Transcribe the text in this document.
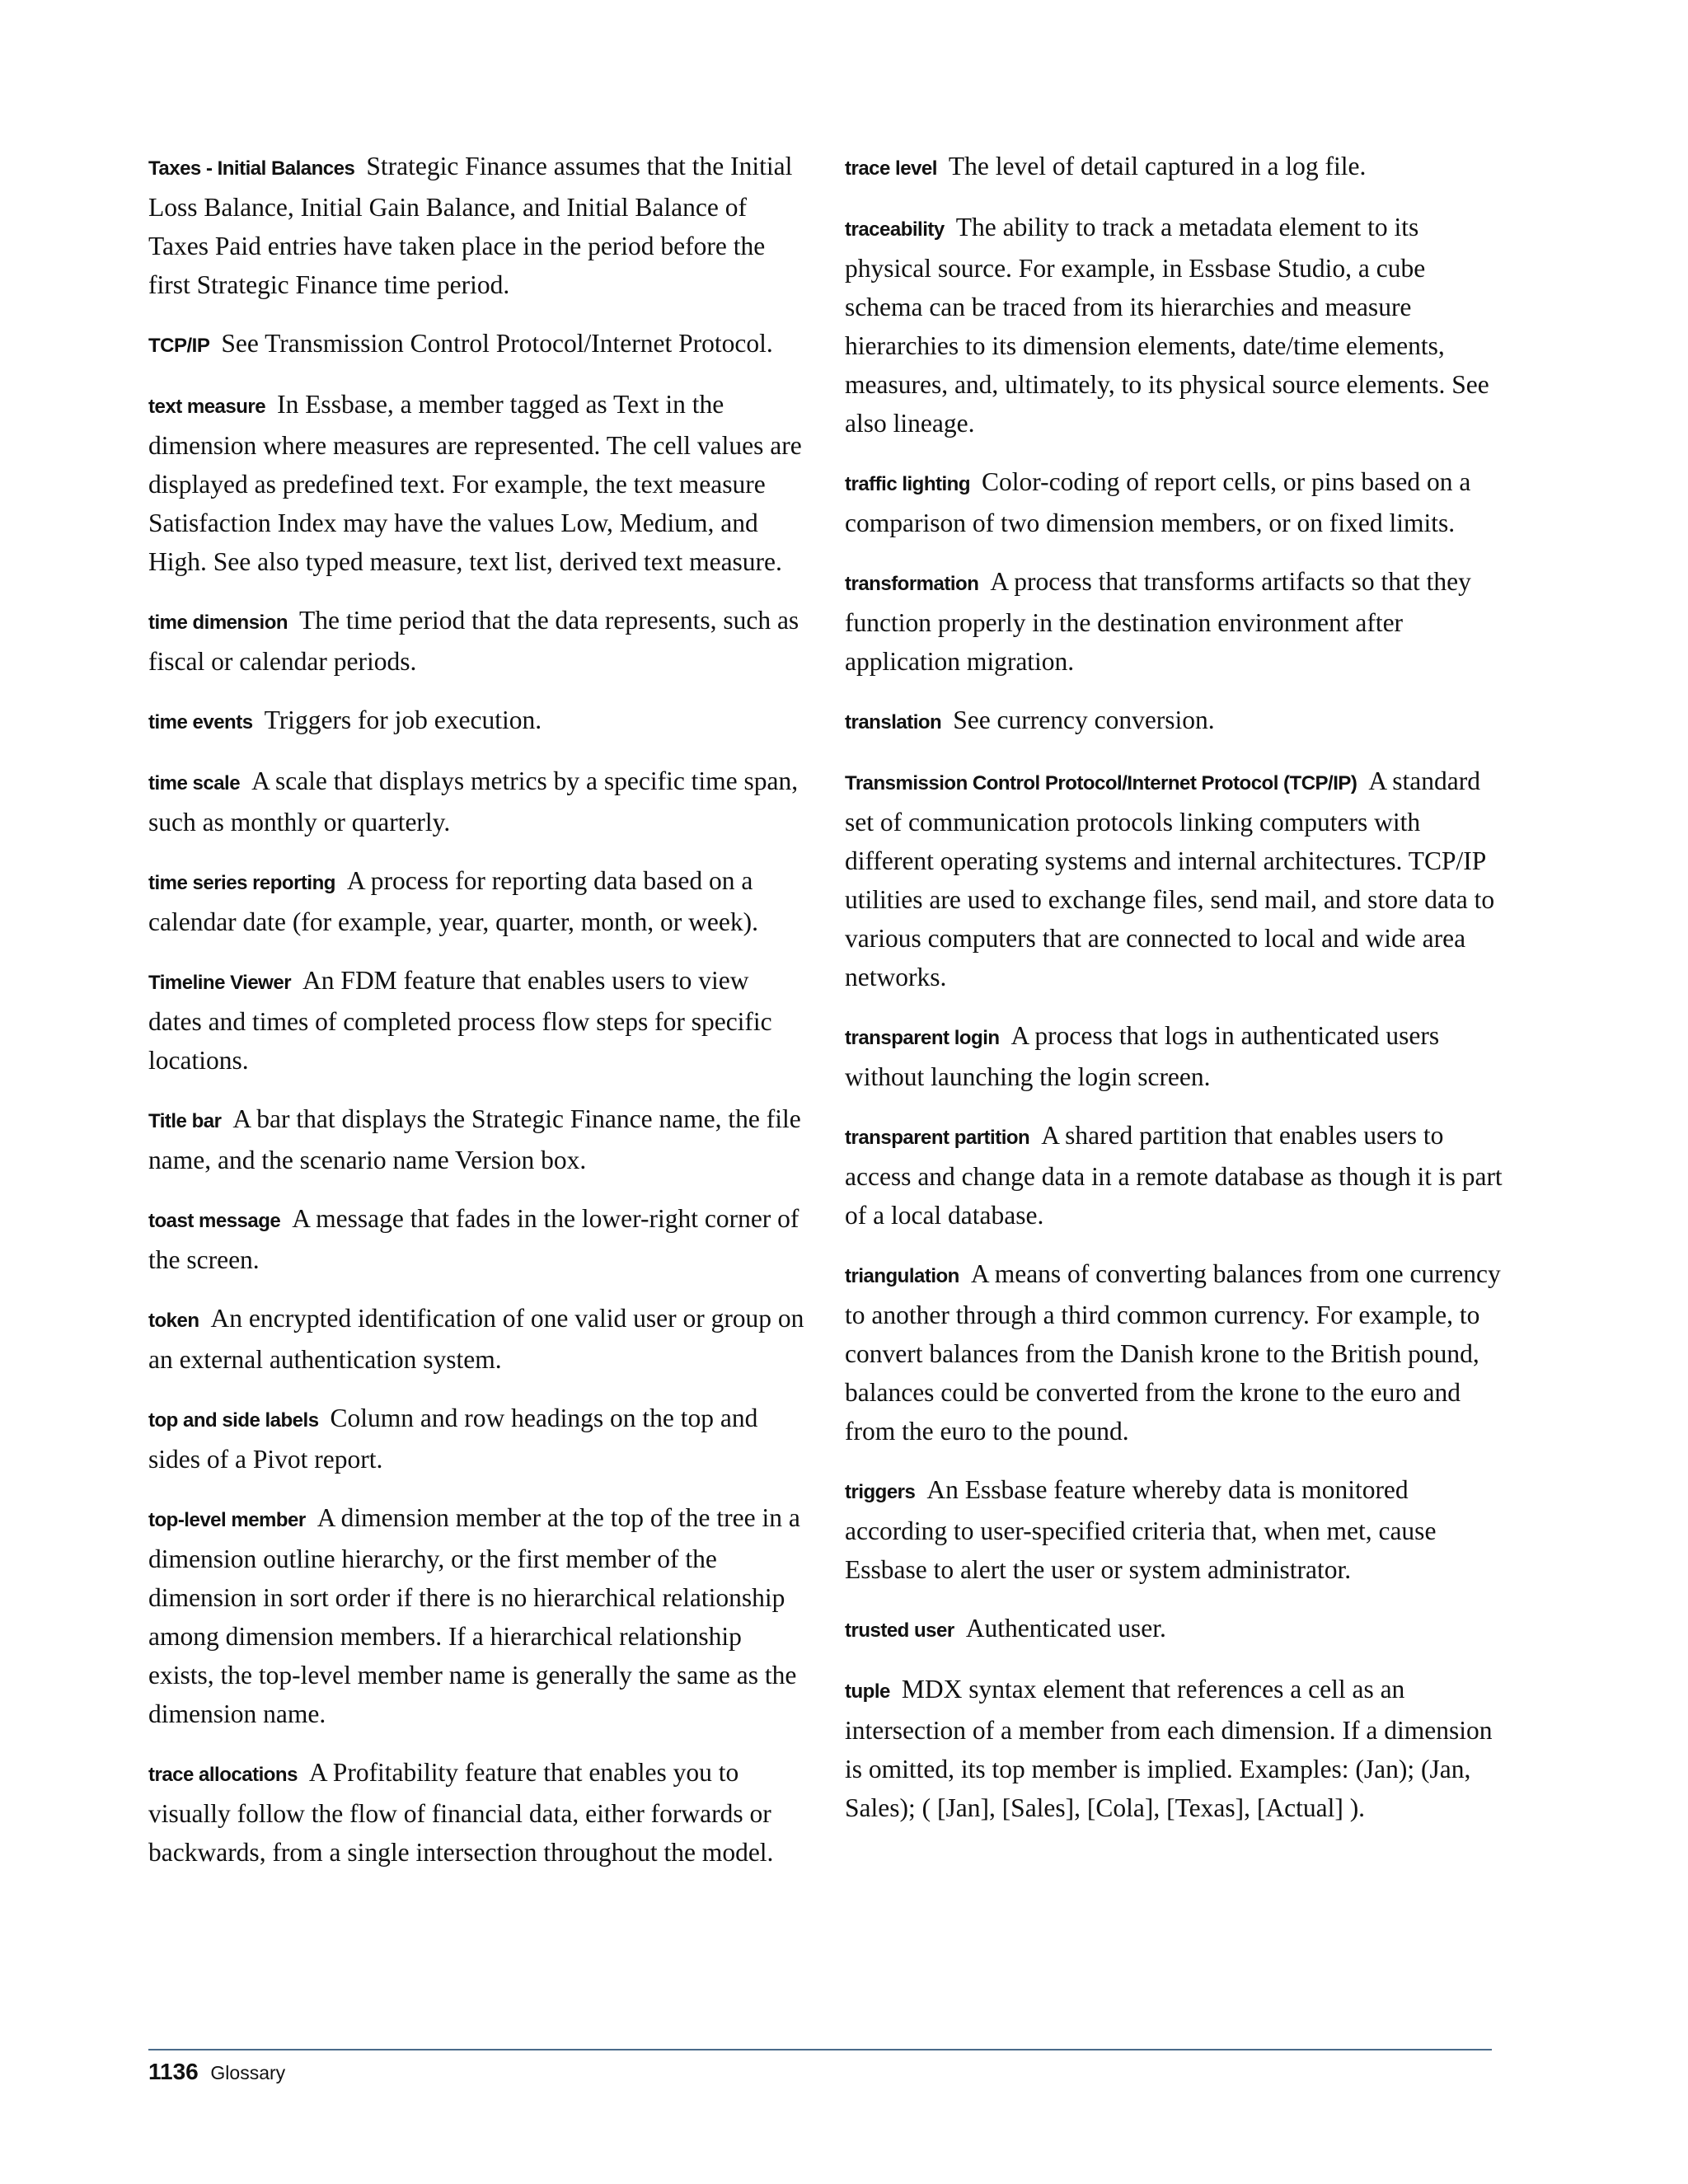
Taxes - Initial Balances Strategic Finance assumes that the Initial Loss Balance, Initial Gain Balance, and Initial Balance of Taxes Paid entries have taken place in the period before the first Strategic Finance time period.

TCP/IP See Transmission Control Protocol/Internet Protocol.

text measure In Essbase, a member tagged as Text in the dimension where measures are represented. The cell values are displayed as predefined text. For example, the text measure Satisfaction Index may have the values Low, Medium, and High. See also typed measure, text list, derived text measure.

time dimension The time period that the data represents, such as fiscal or calendar periods.

time events Triggers for job execution.

time scale A scale that displays metrics by a specific time span, such as monthly or quarterly.

time series reporting A process for reporting data based on a calendar date (for example, year, quarter, month, or week).

Timeline Viewer An FDM feature that enables users to view dates and times of completed process flow steps for specific locations.

Title bar A bar that displays the Strategic Finance name, the file name, and the scenario name Version box.

toast message A message that fades in the lower-right corner of the screen.

token An encrypted identification of one valid user or group on an external authentication system.

top and side labels Column and row headings on the top and sides of a Pivot report.

top-level member A dimension member at the top of the tree in a dimension outline hierarchy, or the first member of the dimension in sort order if there is no hierarchical relationship among dimension members. If a hierarchical relationship exists, the top-level member name is generally the same as the dimension name.

trace allocations A Profitability feature that enables you to visually follow the flow of financial data, either forwards or backwards, from a single intersection throughout the model.

trace level The level of detail captured in a log file.

traceability The ability to track a metadata element to its physical source. For example, in Essbase Studio, a cube schema can be traced from its hierarchies and measure hierarchies to its dimension elements, date/time elements, measures, and, ultimately, to its physical source elements. See also lineage.

traffic lighting Color-coding of report cells, or pins based on a comparison of two dimension members, or on fixed limits.

transformation A process that transforms artifacts so that they function properly in the destination environment after application migration.

translation See currency conversion.

Transmission Control Protocol/Internet Protocol (TCP/IP) A standard set of communication protocols linking computers with different operating systems and internal architectures. TCP/IP utilities are used to exchange files, send mail, and store data to various computers that are connected to local and wide area networks.

transparent login A process that logs in authenticated users without launching the login screen.

transparent partition A shared partition that enables users to access and change data in a remote database as though it is part of a local database.

triangulation A means of converting balances from one currency to another through a third common currency. For example, to convert balances from the Danish krone to the British pound, balances could be converted from the krone to the euro and from the euro to the pound.

triggers An Essbase feature whereby data is monitored according to user-specified criteria that, when met, cause Essbase to alert the user or system administrator.

trusted user Authenticated user.

tuple MDX syntax element that references a cell as an intersection of a member from each dimension. If a dimension is omitted, its top member is implied. Examples: (Jan); (Jan, Sales); ( [Jan], [Sales], [Cola], [Texas], [Actual] ).

1136 Glossary
